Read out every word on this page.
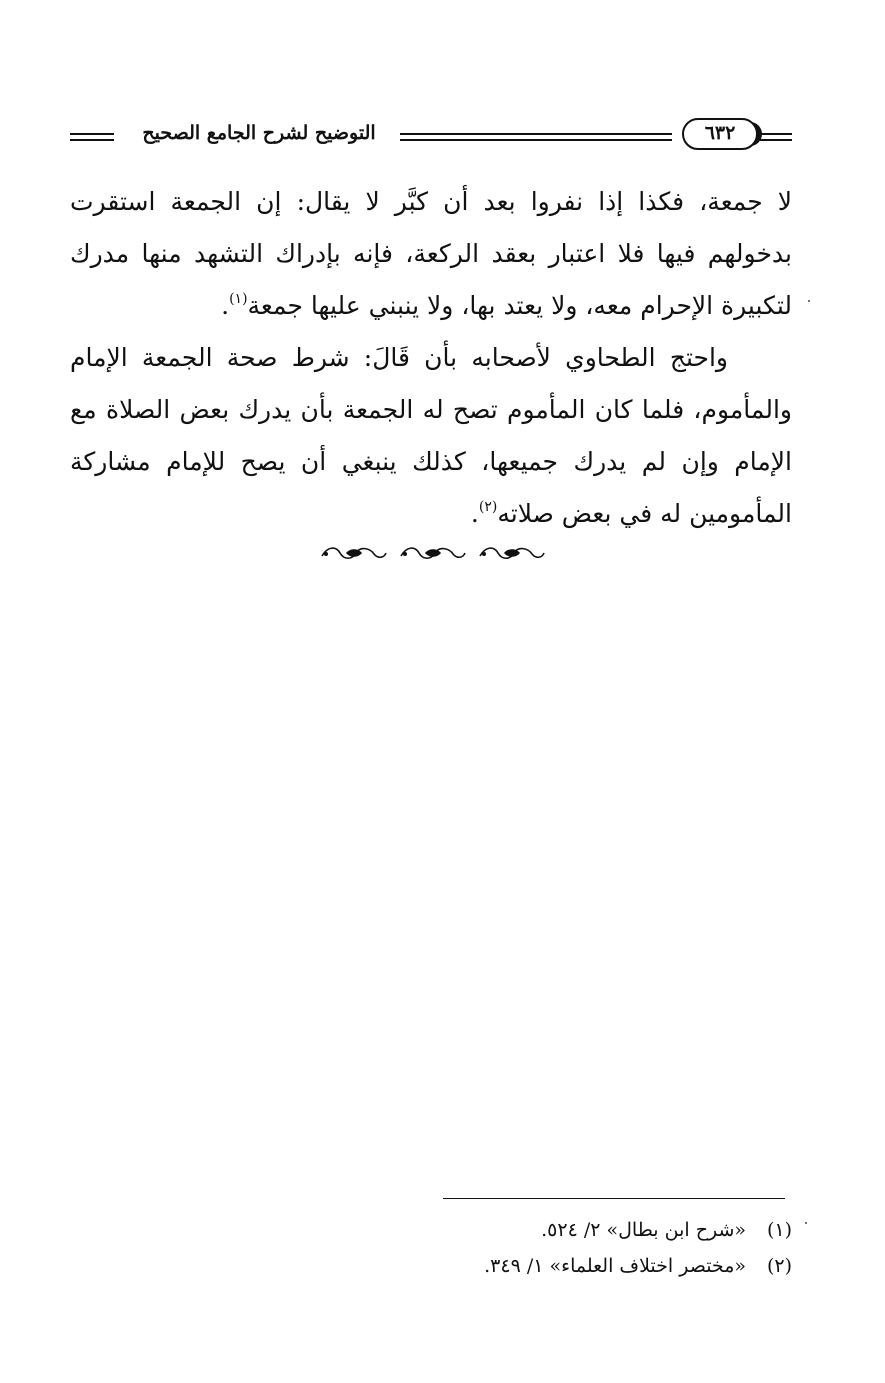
التوضيح لشرح الجامع الصحيح	٦٣٢

لا جمعة، فكذا إذا نفروا بعد أن كبَّر لا يقال: إن الجمعة استقرت بدخولهم فيها فلا اعتبار بعقد الركعة، فإنه بإدراك التشهد منها مدرك لتكبيرة الإحرام معه، ولا يعتد بها، ولا ينبني عليها جمعة$^{(١)}$.

واحتج الطحاوي لأصحابه بأن قَالَ: شرط صحة الجمعة الإمام والمأموم، فلما كان المأموم تصح له الجمعة بأن يدرك بعض الصلاة مع الإمام وإن لم يدرك جميعها، كذلك ينبغي أن يصح للإمام مشاركة المأمومين له في بعض صلاته$^{(٢)}$.

(١)«شرح ابن بطال» ٢/ ٥٢٤.
(٢)«مختصر اختلاف العلماء» ١/ ٣٤٩.
